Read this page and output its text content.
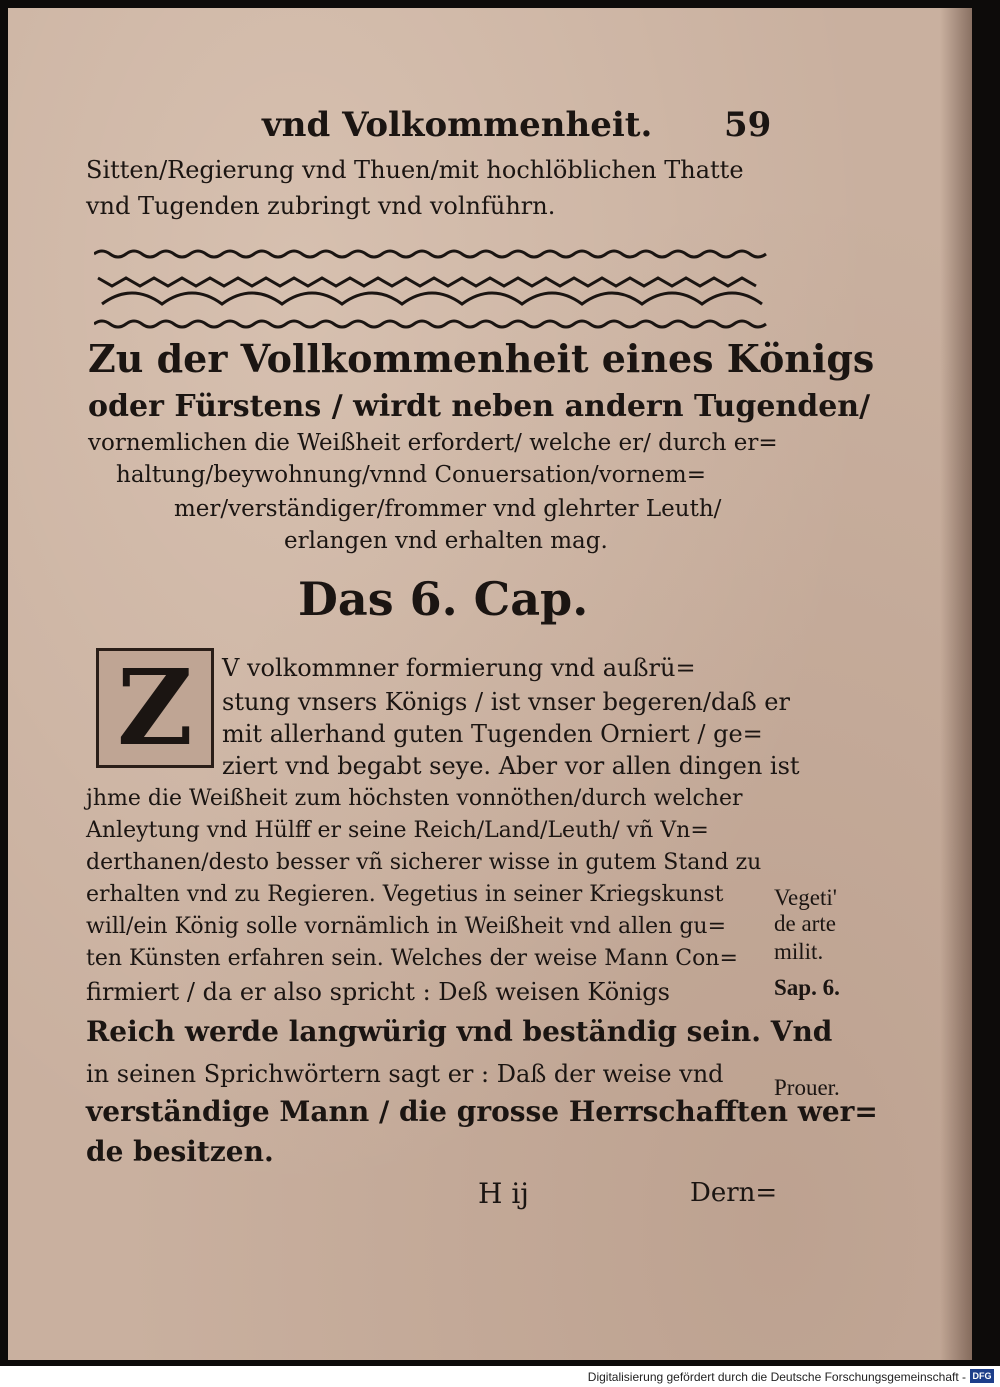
vnd Volkommenheit. 59
Sitten/Regierung vnd Thuen/mit hochlöblichen Thatte
vnd Tugenden zubringt vnd volnführn.
Zu der Vollkommenheit eines Königs
oder Fürstens / wirdt neben andern Tugenden/
vornemlichen die Weißheit erfordert/ welche er/ durch er=
haltung/beywohnung/vnnd Conuersation/vornem=
mer/verständiger/frommer vnd glehrter Leuth/
erlangen vnd erhalten mag.
Das 6. Cap.
Z	V volkommner formierung vnd außrü=
stung vnsers Königs / ist vnser begeren/daß er
mit allerhand guten Tugenden Orniert / ge=
ziert vnd begabt seye. Aber vor allen dingen ist
jhme die Weißheit zum höchsten vonnöthen/durch welcher
Anleytung vnd Hülff er seine Reich/Land/Leuth/ vñ Vn=
derthanen/desto besser vñ sicherer wisse in gutem Stand zu
erhalten vnd zu Regieren. Vegetius in seiner Kriegskunst
will/ein König solle vornämlich in Weißheit vnd allen gu=
ten Künsten erfahren sein. Welches der weise Mann Con=
firmiert / da er also spricht : Deß weisen Königs
Reich werde langwürig vnd beständig sein. Vnd
in seinen Sprichwörtern sagt er : Daß der weise vnd
verständige Mann / die grosse Herrschafften wer=
de besitzen.
H ij	Dern=
Vegeti'
de arte
milit.
Sap. 6.
Prouer.
Digitalisierung gefördert durch die Deutsche Forschungsgemeinschaft - DFG
